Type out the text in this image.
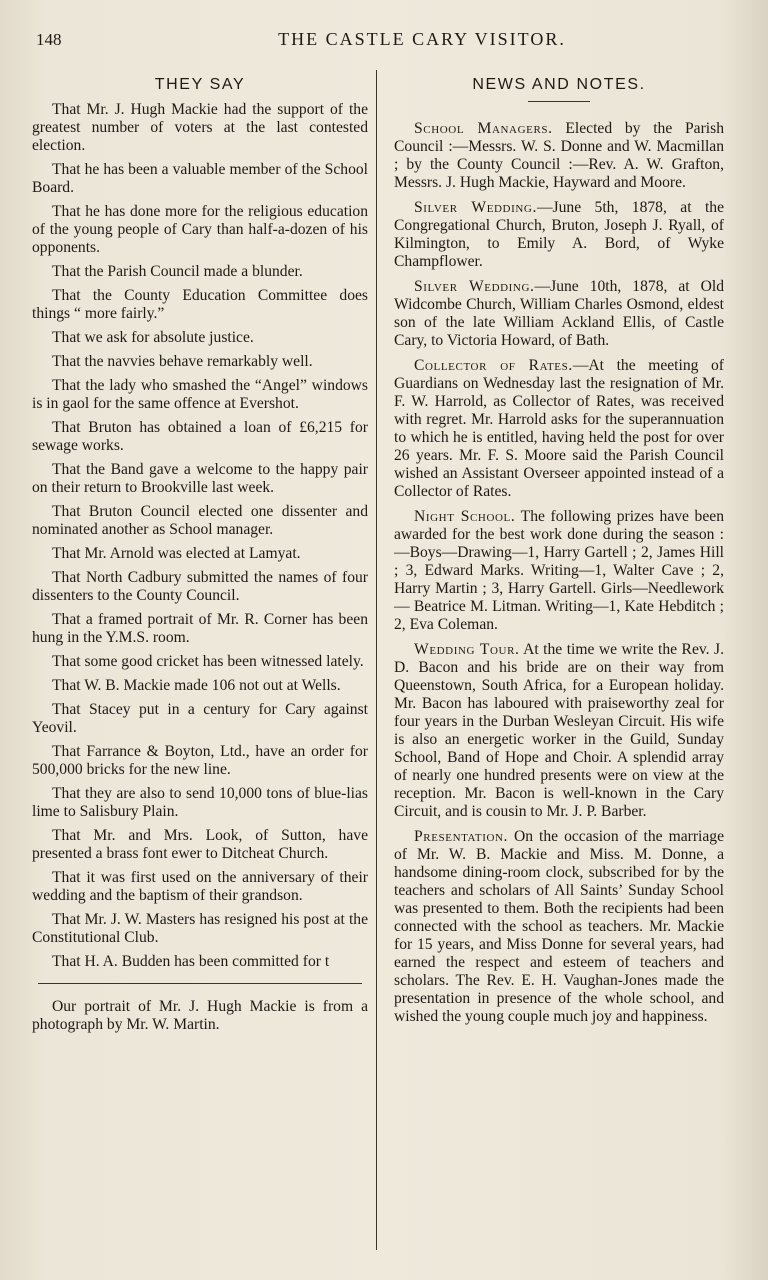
148	THE CASTLE CARY VISITOR.
THEY SAY

That Mr. J. Hugh Mackie had the support of the greatest number of voters at the last contested election.

That he has been a valuable member of the School Board.

That he has done more for the religious education of the young people of Cary than half-a-dozen of his opponents.

That the Parish Council made a blunder.

That the County Education Committee does things “ more fairly.”

That we ask for absolute justice.

That the navvies behave remarkably well.

That the lady who smashed the “Angel” windows is in gaol for the same offence at Evershot.

That Bruton has obtained a loan of £6,215 for sewage works.

That the Band gave a welcome to the happy pair on their return to Brookville last week.

That Bruton Council elected one dissenter and nominated another as School manager.

That Mr. Arnold was elected at Lamyat.

That North Cadbury submitted the names of four dissenters to the County Council.

That a framed portrait of Mr. R. Corner has been hung in the Y.M.S. room.

That some good cricket has been witnessed lately.

That W. B. Mackie made 106 not out at Wells.

That Stacey put in a century for Cary against Yeovil.

That Farrance & Boyton, Ltd., have an order for 500,000 bricks for the new line.

That they are also to send 10,000 tons of blue-lias lime to Salisbury Plain.

That Mr. and Mrs. Look, of Sutton, have presented a brass font ewer to Ditcheat Church.

That it was first used on the anniversary of their wedding and the baptism of their grandson.

That Mr. J. W. Masters has resigned his post at the Constitutional Club.

That H. A. Budden has been committed for t

Our portrait of Mr. J. Hugh Mackie is from a photograph by Mr. W. Martin.

NEWS AND NOTES.

School Managers. Elected by the Parish Council :—Messrs. W. S. Donne and W. Macmillan ; by the County Council :—Rev. A. W. Grafton, Messrs. J. Hugh Mackie, Hayward and Moore.

Silver Wedding.—June 5th, 1878, at the Congregational Church, Bruton, Joseph J. Ryall, of Kilmington, to Emily A. Bord, of Wyke Champflower.

Silver Wedding.—June 10th, 1878, at Old Widcombe Church, William Charles Osmond, eldest son of the late William Ackland Ellis, of Castle Cary, to Victoria Howard, of Bath.

Collector of Rates.—At the meeting of Guardians on Wednesday last the resignation of Mr. F. W. Harrold, as Collector of Rates, was received with regret. Mr. Harrold asks for the superannuation to which he is entitled, having held the post for over 26 years. Mr. F. S. Moore said the Parish Council wished an Assistant Overseer appointed instead of a Collector of Rates.

Night School. The following prizes have been awarded for the best work done during the season :—Boys—Drawing—1, Harry Gartell ; 2, James Hill ; 3, Edward Marks. Writing—1, Walter Cave ; 2, Harry Martin ; 3, Harry Gartell. Girls—Needlework— Beatrice M. Litman. Writing—1, Kate Hebditch ; 2, Eva Coleman.

Wedding Tour. At the time we write the Rev. J. D. Bacon and his bride are on their way from Queenstown, South Africa, for a European holiday. Mr. Bacon has laboured with praiseworthy zeal for four years in the Durban Wesleyan Circuit. His wife is also an energetic worker in the Guild, Sunday School, Band of Hope and Choir. A splendid array of nearly one hundred presents were on view at the reception. Mr. Bacon is well-known in the Cary Circuit, and is cousin to Mr. J. P. Barber.

Presentation. On the occasion of the marriage of Mr. W. B. Mackie and Miss. M. Donne, a handsome dining-room clock, subscribed for by the teachers and scholars of All Saints’ Sunday School was presented to them. Both the recipients had been connected with the school as teachers. Mr. Mackie for 15 years, and Miss Donne for several years, had earned the respect and esteem of teachers and scholars. The Rev. E. H. Vaughan-Jones made the presentation in presence of the whole school, and wished the young couple much joy and happiness.
